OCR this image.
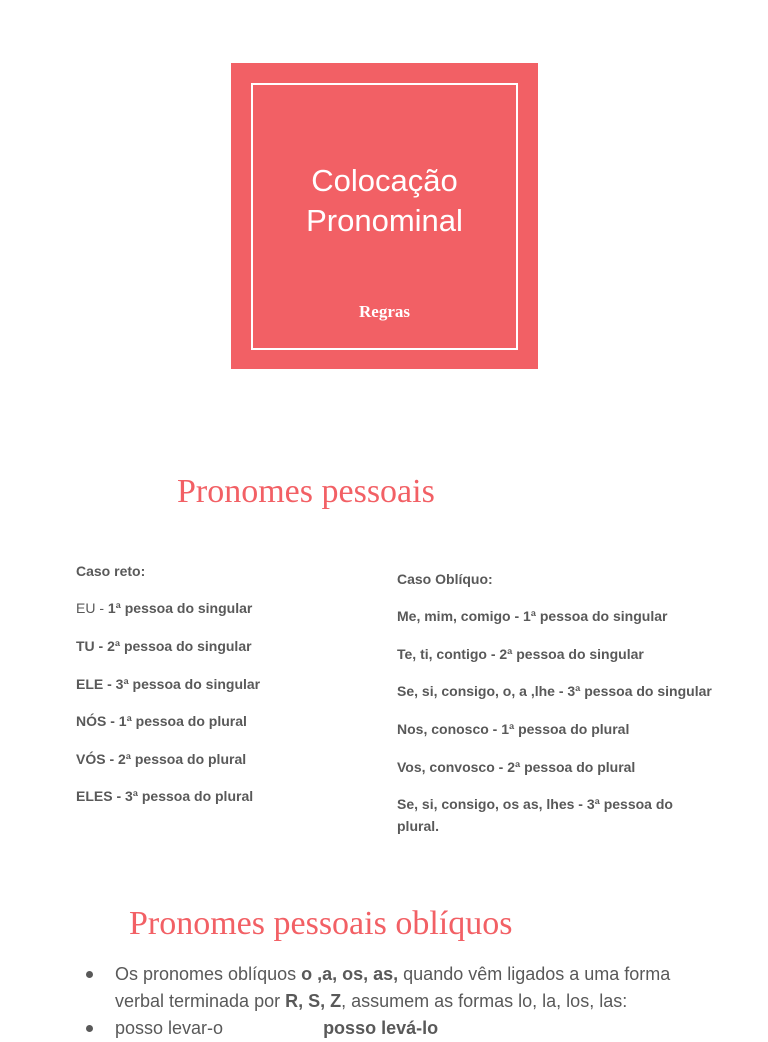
Colocação
Pronominal
Regras
Pronomes pessoais
Caso reto:
EU - 1ª pessoa do singular
TU - 2ª pessoa do singular
ELE - 3ª pessoa do singular
NÓS - 1ª pessoa do plural
VÓS - 2ª pessoa do plural
ELES - 3ª pessoa do plural
Caso Oblíquo:
Me, mim, comigo - 1ª pessoa do singular
Te, ti, contigo - 2ª pessoa do singular
Se, si, consigo, o, a ,lhe - 3ª pessoa do singular
Nos, conosco - 1ª pessoa do plural
Vos, convosco - 2ª pessoa do plural
Se, si, consigo, os as, lhes - 3ª pessoa do
plural.
Pronomes pessoais oblíquos
Os pronomes oblíquos o ,a, os, as, quando vêm ligados a uma forma verbal terminada por R, S, Z, assumem as formas lo, la, los, las:
posso levar-o	posso levá-lo
